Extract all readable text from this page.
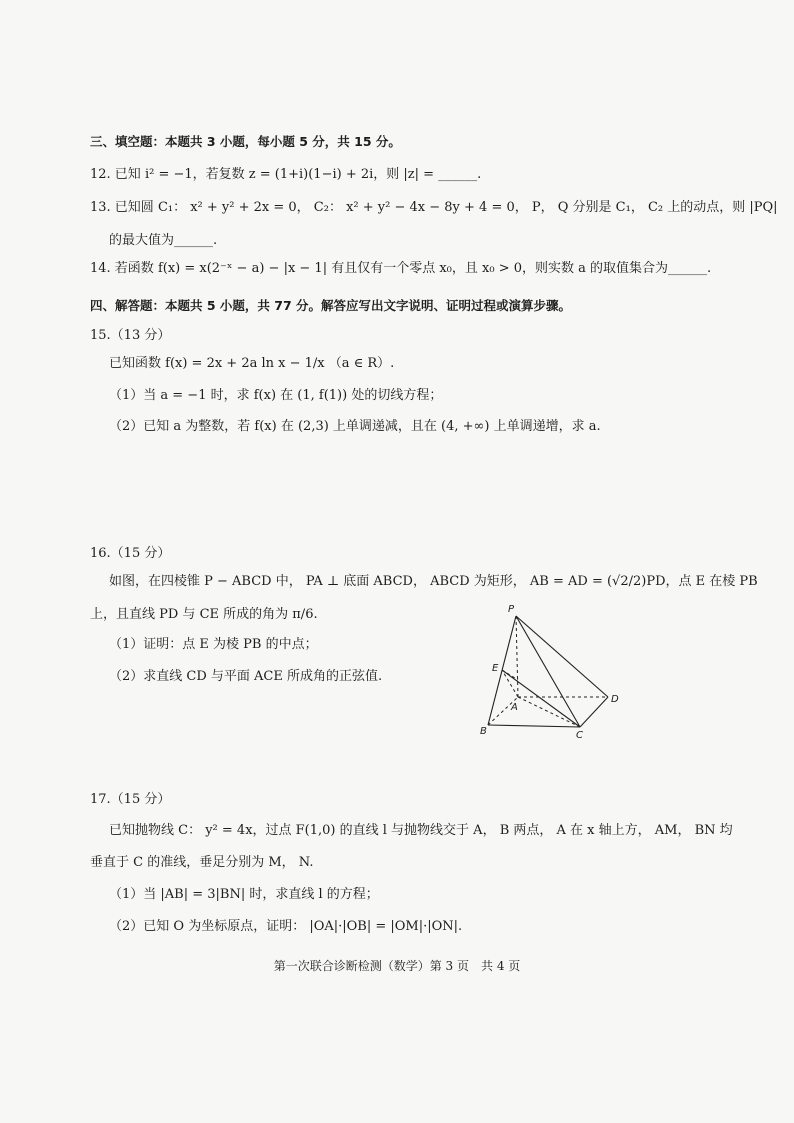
三、填空题：本题共 3 小题，每小题 5 分，共 15 分。
12. 已知 i² = −1，若复数 z = (1+i)(1−i) + 2i，则 |z| = ______.
13. 已知圆 C₁： x² + y² + 2x = 0， C₂： x² + y² − 4x − 8y + 4 = 0， P， Q 分别是 C₁， C₂ 上的动点，则 |PQ|
的最大值为______.
14. 若函数 f(x) = x(2⁻ˣ − a) − |x − 1| 有且仅有一个零点 x₀，且 x₀ > 0，则实数 a 的取值集合为______.
四、解答题：本题共 5 小题，共 77 分。解答应写出文字说明、证明过程或演算步骤。
15.（13 分）
已知函数 f(x) = 2x + 2a ln x − 1/x （a ∈ R）.
（1）当 a = −1 时，求 f(x) 在 (1, f(1)) 处的切线方程；
（2）已知 a 为整数，若 f(x) 在 (2,3) 上单调递减，且在 (4, +∞) 上单调递增，求 a.
16.（15 分）
如图，在四棱锥 P − ABCD 中， PA ⊥ 底面 ABCD， ABCD 为矩形， AB = AD = (√2/2)PD，点 E 在棱 PB
上，且直线 PD 与 CE 所成的角为 π/6.
（1）证明：点 E 为棱 PB 的中点；
（2）求直线 CD 与平面 ACE 所成角的正弦值.
P
E
A
B	C
D
17.（15 分）
已知抛物线 C： y² = 4x，过点 F(1,0) 的直线 l 与抛物线交于 A， B 两点， A 在 x 轴上方， AM， BN 均
垂直于 C 的准线，垂足分别为 M， N.
（1）当 |AB| = 3|BN| 时，求直线 l 的方程；
（2）已知 O 为坐标原点，证明： |OA|·|OB| = |OM|·|ON|.
第一次联合诊断检测（数学）第 3 页　共 4 页
